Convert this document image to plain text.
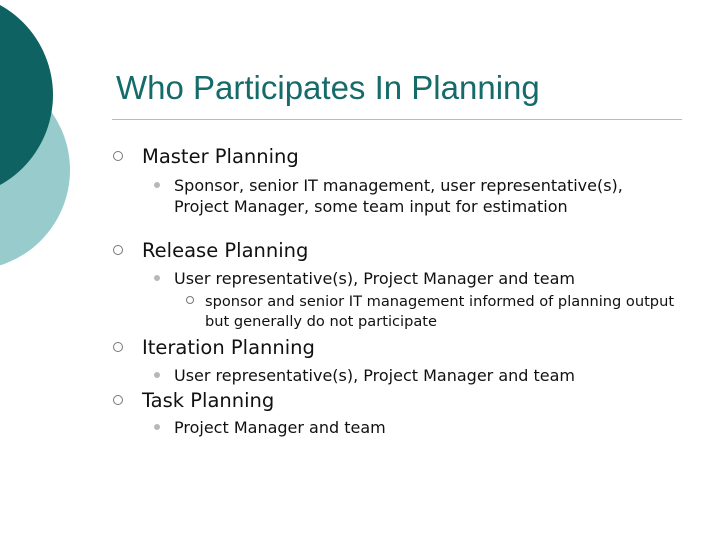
Who Participates In Planning
Master Planning
Sponsor, senior IT management, user representative(s), Project Manager, some team input for estimation
Release Planning
User representative(s), Project Manager and team
sponsor and senior IT management informed of planning output but generally do not participate
Iteration Planning
User representative(s), Project Manager and team
Task Planning
Project Manager and team
